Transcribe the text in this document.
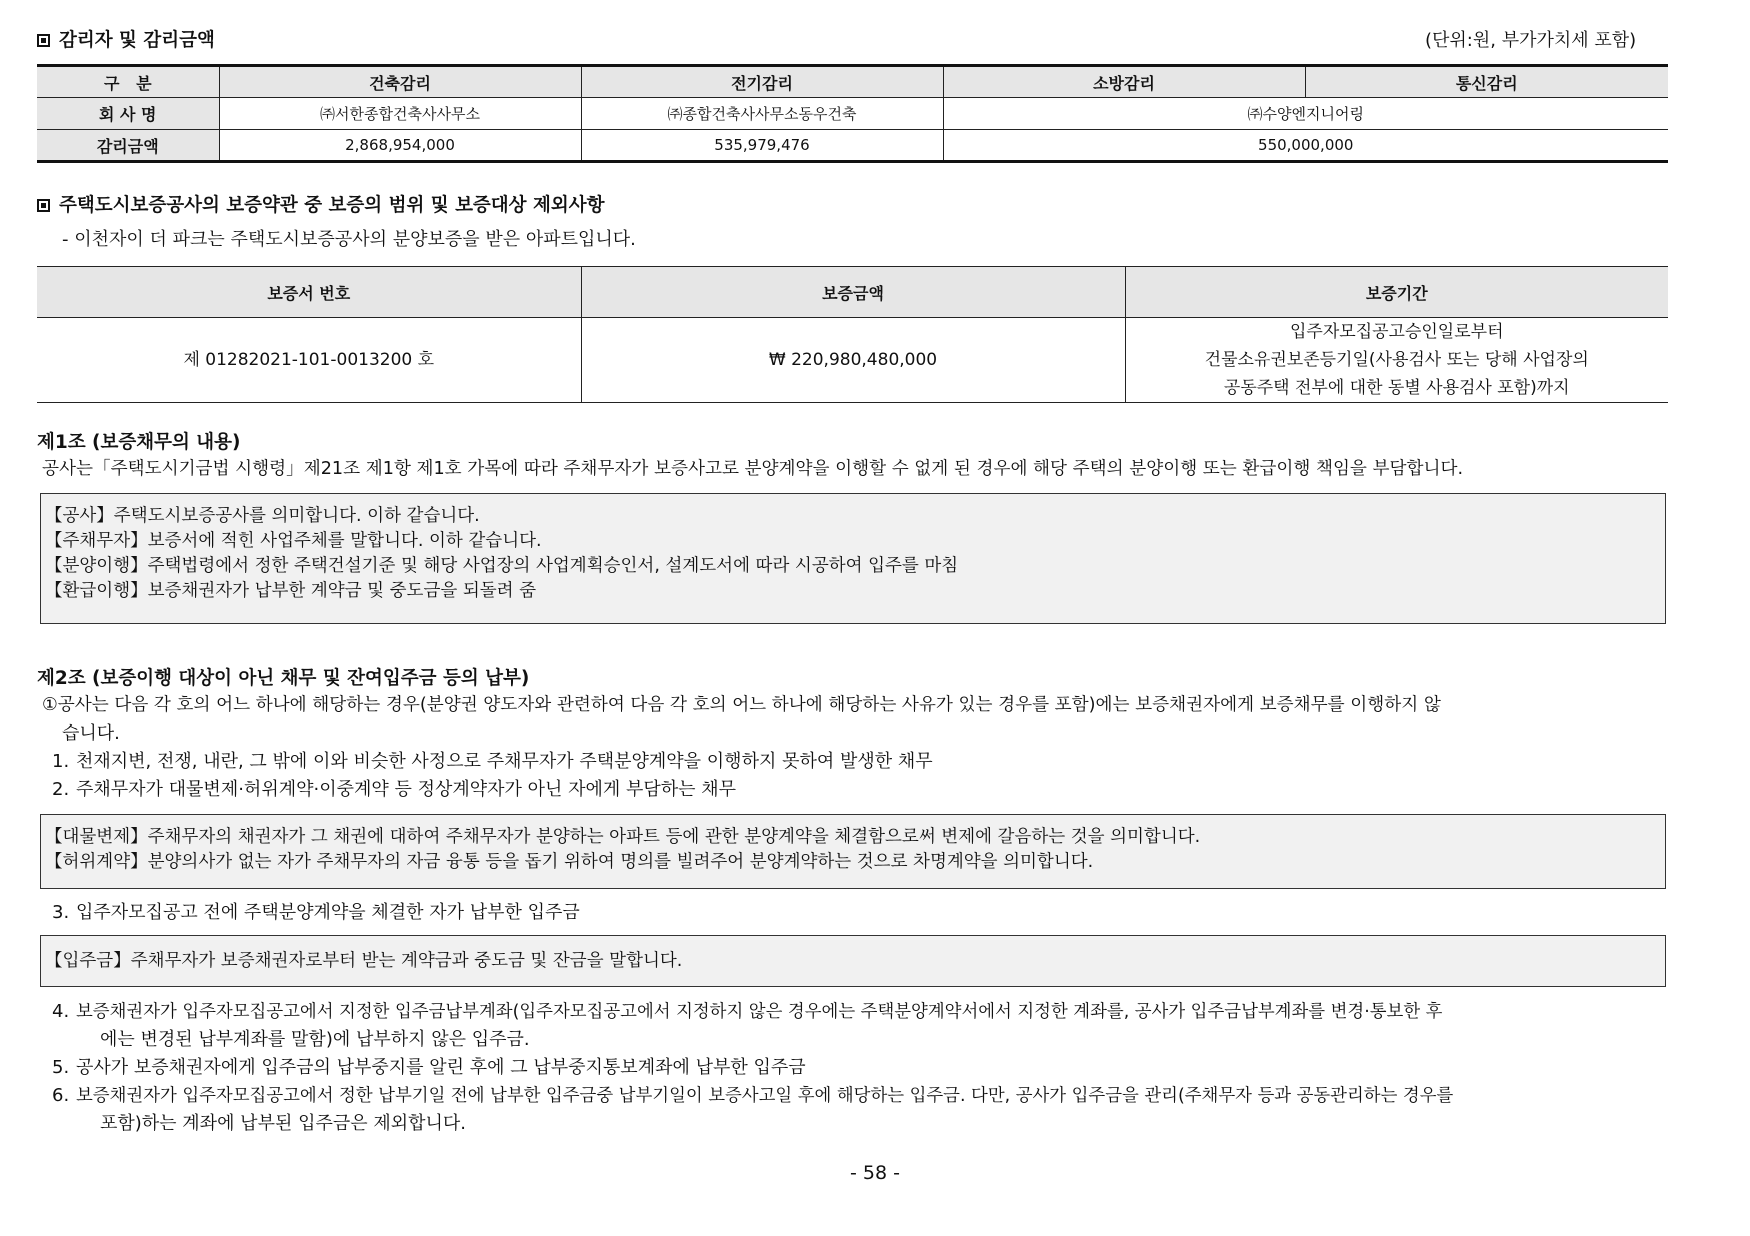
감리자 및 감리금액	(단위:원, 부가가치세 포함)
구   분	건축감리	전기감리	소방감리	통신감리
회 사 명	㈜서한종합건축사사무소	㈜종합건축사사무소동우건축	㈜수양엔지니어링	
감리금액	2,868,954,000	535,979,476	550,000,000	
주택도시보증공사의 보증약관 중 보증의 범위 및 보증대상 제외사항
- 이천자이 더 파크는 주택도시보증공사의 분양보증을 받은 아파트입니다.
보증서 번호	보증금액	보증기간
제 01282021-101-0013200 호	₩ 220,980,480,000	입주자모집공고승인일로부터
건물소유권보존등기일(사용검사 또는 당해 사업장의
공동주택 전부에 대한 동별 사용검사 포함)까지
제1조 (보증채무의 내용)
공사는「주택도시기금법 시행령」제21조 제1항 제1호 가목에 따라 주채무자가 보증사고로 분양계약을 이행할 수 없게 된 경우에 해당 주택의 분양이행 또는 환급이행 책임을 부담합니다.
【공사】주택도시보증공사를 의미합니다. 이하 같습니다.
【주채무자】보증서에 적힌 사업주체를 말합니다. 이하 같습니다.
【분양이행】주택법령에서 정한 주택건설기준 및 해당 사업장의 사업계획승인서, 설계도서에 따라 시공하여 입주를 마침
【환급이행】보증채권자가 납부한 계약금 및 중도금을 되돌려 줌
제2조 (보증이행 대상이 아닌 채무 및 잔여입주금 등의 납부)
①공사는 다음 각 호의 어느 하나에 해당하는 경우(분양권 양도자와 관련하여 다음 각 호의 어느 하나에 해당하는 사유가 있는 경우를 포함)에는 보증채권자에게 보증채무를 이행하지 않
습니다.
1. 천재지변, 전쟁, 내란, 그 밖에 이와 비슷한 사정으로 주채무자가 주택분양계약을 이행하지 못하여 발생한 채무
2. 주채무자가 대물변제·허위계약·이중계약 등 정상계약자가 아닌 자에게 부담하는 채무
【대물변제】주채무자의 채권자가 그 채권에 대하여 주채무자가 분양하는 아파트 등에 관한 분양계약을 체결함으로써 변제에 갈음하는 것을 의미합니다.
【허위계약】분양의사가 없는 자가 주채무자의 자금 융통 등을 돕기 위하여 명의를 빌려주어 분양계약하는 것으로 차명계약을 의미합니다.
3. 입주자모집공고 전에 주택분양계약을 체결한 자가 납부한 입주금
【입주금】주채무자가 보증채권자로부터 받는 계약금과 중도금 및 잔금을 말합니다.
4. 보증채권자가 입주자모집공고에서 지정한 입주금납부계좌(입주자모집공고에서 지정하지 않은 경우에는 주택분양계약서에서 지정한 계좌를, 공사가 입주금납부계좌를 변경·통보한 후
에는 변경된 납부계좌를 말함)에 납부하지 않은 입주금.
5. 공사가 보증채권자에게 입주금의 납부중지를 알린 후에 그 납부중지통보계좌에 납부한 입주금
6. 보증채권자가 입주자모집공고에서 정한 납부기일 전에 납부한 입주금중 납부기일이 보증사고일 후에 해당하는 입주금. 다만, 공사가 입주금을 관리(주채무자 등과 공동관리하는 경우를
포함)하는 계좌에 납부된 입주금은 제외합니다.
- 58 -
